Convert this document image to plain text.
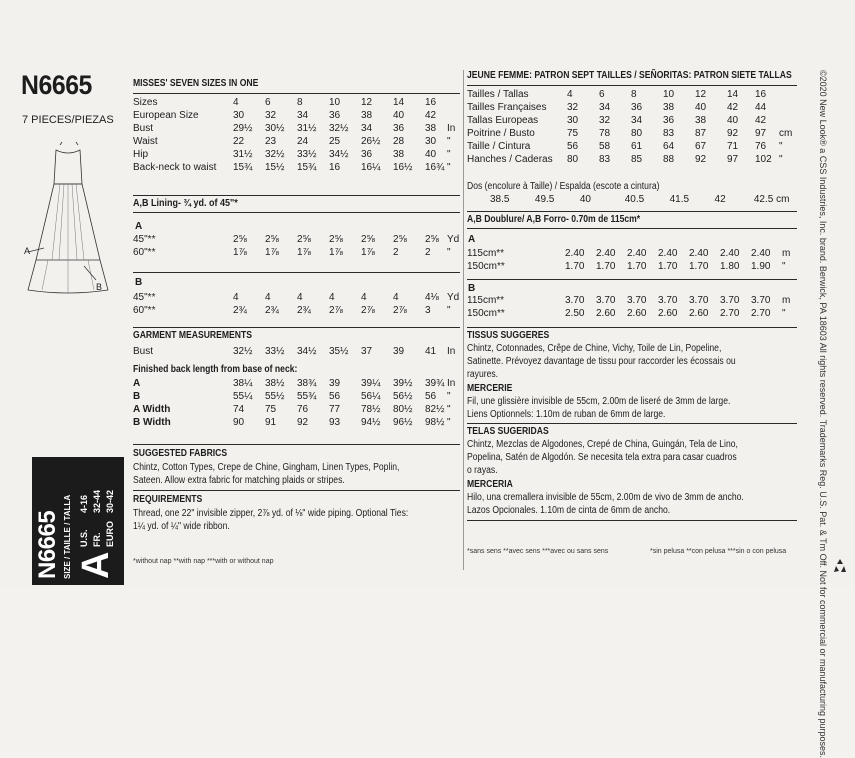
N6665
7 PIECES/PIEZAS
A
B
MISSES' SEVEN SIZES IN ONE
Sizes	4	6	8	10	12	14	16	
European Size	30	32	34	36	38	40	42	
Bust	29½	30½	31½	32½	34	36	38	In
Waist	22	23	24	25	26½	28	30	"
Hip	31½	32½	33½	34½	36	38	40	"
Back-neck to waist	15¾	15½	15¾	16	16¼	16½	16¾	"
A,B Lining- ¾ yd. of 45"*
A
45"**	2⅝	2⅝	2⅝	2⅝	2⅝	2⅝	2⅝	Yd
60"**	1⅞	1⅞	1⅞	1⅞	1⅞	2	2	"
B
45"**	4	4	4	4	4	4	4⅛	Yd
60"**	2¾	2¾	2¾	2⅞	2⅞	2⅞	3	"
GARMENT MEASUREMENTS
Bust	32½	33½	34½	35½	37	39	41	In
Finished back length from base of neck:
A	38¼	38½	38¾	39	39¼	39½	39¾	In
B	55¼	55½	55¾	56	56¼	56½	56	"
A Width	74	75	76	77	78½	80½	82½	"
B Width	90	91	92	93	94½	96½	98½	"
SUGGESTED FABRICS
Chintz, Cotton Types, Crepe de Chine, Gingham, Linen Types, Poplin,
Sateen. Allow extra fabric for matching plaids or stripes.
REQUIREMENTS
Thread, one 22" invisible zipper, 2⅞ yd. of ⅛" wide piping. Optional Ties:
1¼ yd. of ¼" wide ribbon.
*without nap **with nap ***with or without nap
JEUNE FEMME: PATRON SEPT TAILLES / SEÑORITAS: PATRON SIETE TALLAS
Tailles / Tallas	4	6	8	10	12	14	16	
Tailles Françaises	32	34	36	38	40	42	44	
Tallas Europeas	30	32	34	36	38	40	42	
Poitrine / Busto	75	78	80	83	87	92	97	cm
Taille / Cintura	56	58	61	64	67	71	76	"
Hanches / Caderas	80	83	85	88	92	97	102	"
Dos (encolure à Taille) / Espalda (escote a cintura)
38.5	49.5	40	40.5	41.5	42	42.5 cm
A,B Doublure/ A,B Forro- 0.70m de 115cm*
A
115cm**	2.40	2.40	2.40	2.40	2.40	2.40	2.40	m
150cm**	1.70	1.70	1.70	1.70	1.70	1.80	1.90	"
B
115cm**	3.70	3.70	3.70	3.70	3.70	3.70	3.70	m
150cm**	2.50	2.60	2.60	2.60	2.60	2.70	2.70	"
TISSUS SUGGERES
Chintz, Cotonnades, Crêpe de Chine, Vichy, Toile de Lin, Popeline,
Satinette. Prévoyez davantage de tissu pour raccorder les écossais ou
rayures.
MERCERIE
Fil, une glissière invisible de 55cm, 2.00m de liseré de 3mm de large.
Liens Optionnels: 1.10m de ruban de 6mm de large.
TELAS SUGERIDAS
Chintz, Mezclas de Algodones, Crepé de China, Guingán, Tela de Lino,
Popelina, Satén de Algodón. Se necesita tela extra para casar cuadros
o rayas.
MERCERIA
Hilo, una cremallera invisible de 55cm, 2.00m de vivo de 3mm de ancho.
Lazos Opcionales. 1.10m de cinta de 6mm de ancho.
*sans sens **avec sens ***avec ou sans sens	*sin pelusa **con pelusa ***sin o con pelusa	©2020 New Look® a CSS Industries, Inc. brand. Berwick, PA 18603 All rights reserved. Trademarks Reg. U.S. Pat. & Tm Off. Not for commercial or manufacturing purposes.
N6665 SIZE / TAILLE / TALLA A
U.S.
4-16
FR.
32-44
EURO
30-42
